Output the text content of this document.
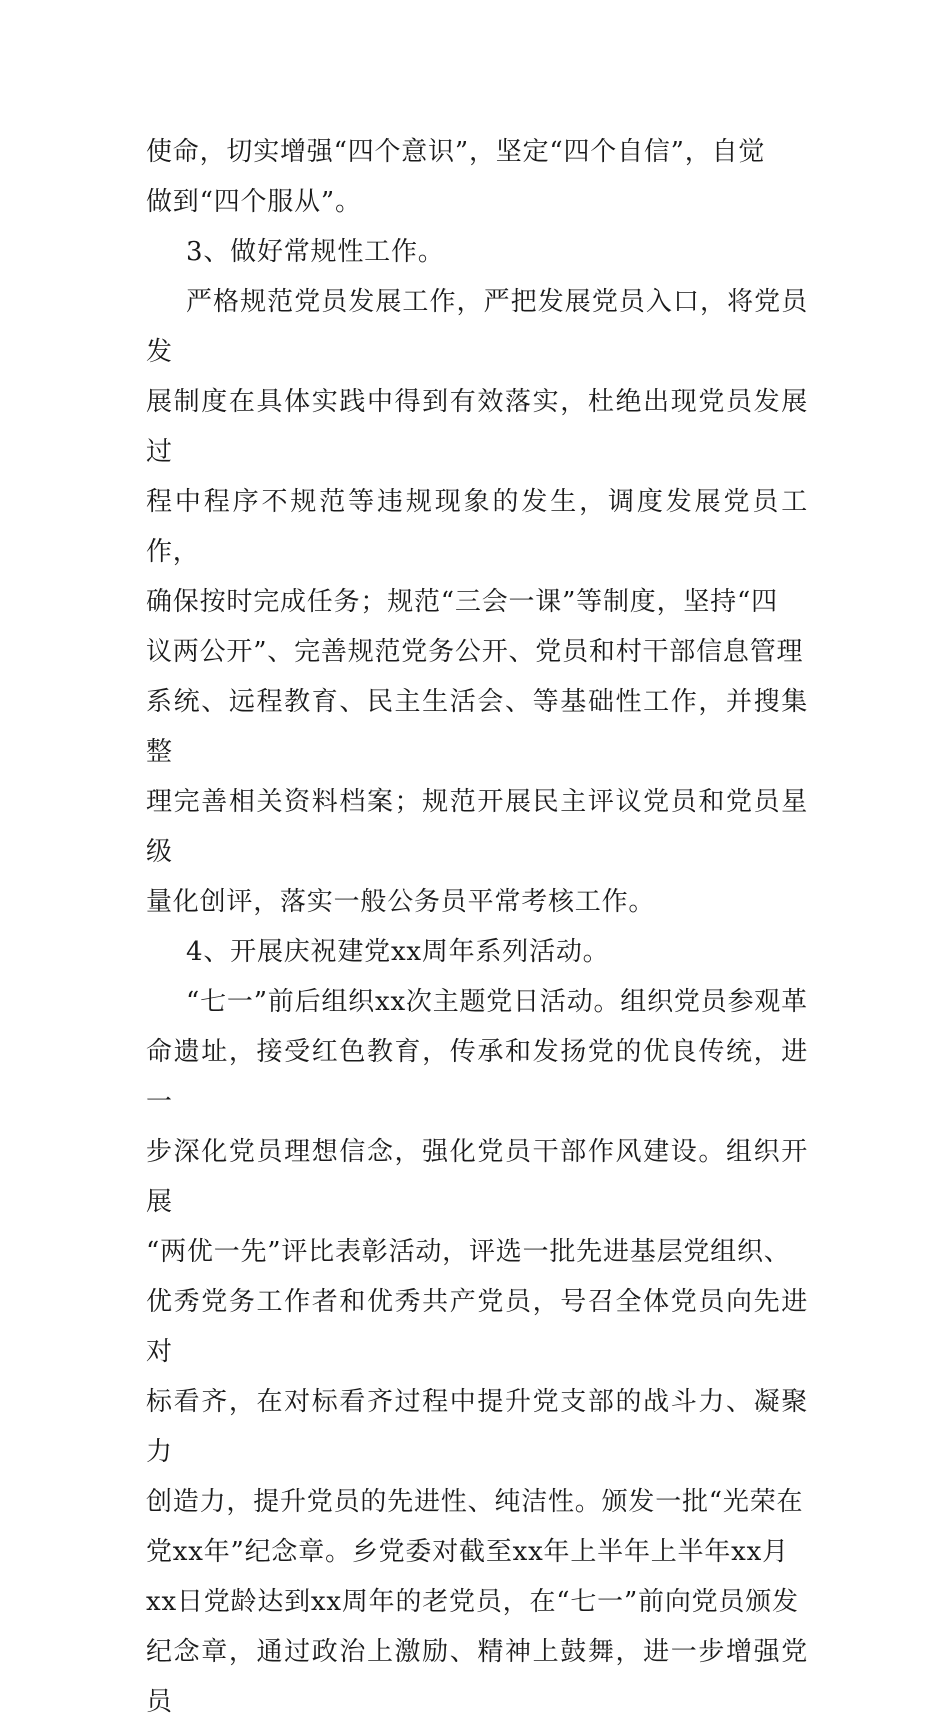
使命，切实增强“四个意识”，坚定“四个自信”，自觉

做到“四个服从”。

3、做好常规性工作。

严格规范党员发展工作，严把发展党员入口，将党员发

展制度在具体实践中得到有效落实，杜绝出现党员发展过

程中程序不规范等违规现象的发生，调度发展党员工作，

确保按时完成任务；规范“三会一课”等制度，坚持“四

议两公开”、完善规范党务公开、党员和村干部信息管理

系统、远程教育、民主生活会、等基础性工作，并搜集整

理完善相关资料档案；规范开展民主评议党员和党员星级

量化创评，落实一般公务员平常考核工作。

4、开展庆祝建党xx周年系列活动。

“七一”前后组织xx次主题党日活动。组织党员参观革

命遗址，接受红色教育，传承和发扬党的优良传统，进一

步深化党员理想信念，强化党员干部作风建设。组织开展

“两优一先”评比表彰活动，评选一批先进基层党组织、

优秀党务工作者和优秀共产党员，号召全体党员向先进对

标看齐，在对标看齐过程中提升党支部的战斗力、凝聚力

创造力，提升党员的先进性、纯洁性。颁发一批“光荣在

党xx年”纪念章。乡党委对截至xx年上半年上半年xx月

xx日党龄达到xx周年的老党员，在“七一”前向党员颁发

纪念章，通过政治上激励、精神上鼓舞，进一步增强党员
